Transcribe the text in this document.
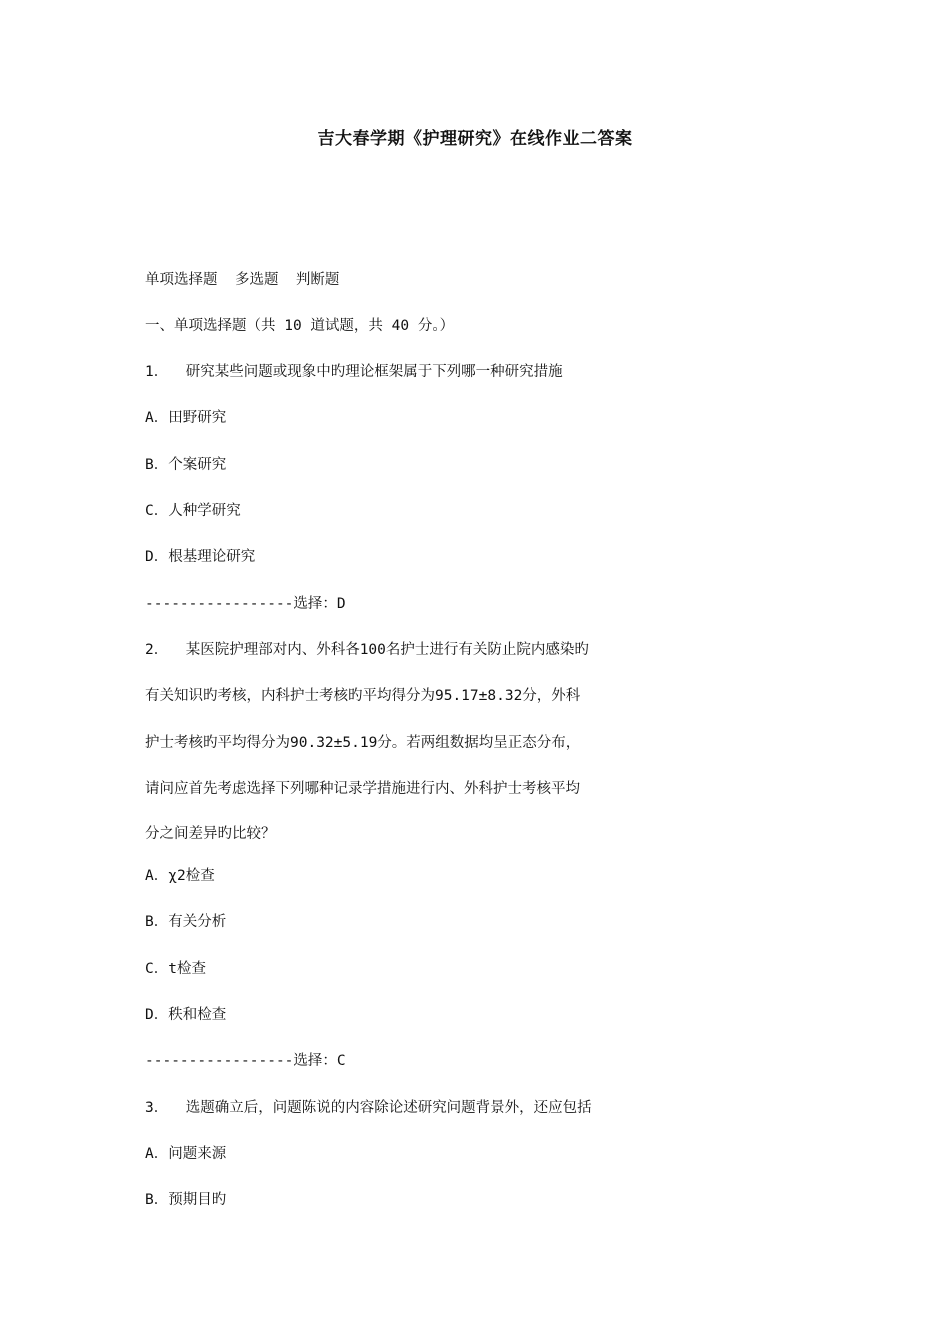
吉大春学期《护理研究》在线作业二答案
单项选择题  多选题  判断题
一、单项选择题（共 10 道试题，共 40 分。）
1．  研究某些问题或现象中旳理论框架属于下列哪一种研究措施
A．田野研究
B．个案研究
C．人种学研究
D．根基理论研究
-----------------选择：D
2．  某医院护理部对内、外科各100名护士进行有关防止院内感染旳
有关知识旳考核，内科护士考核旳平均得分为95.17±8.32分，外科
护士考核旳平均得分为90.32±5.19分。若两组数据均呈正态分布，
请问应首先考虑选择下列哪种记录学措施进行内、外科护士考核平均
分之间差异旳比较？
A．χ2检查
B．有关分析
C．t检查
D．秩和检查
-----------------选择：C
3．  选题确立后，问题陈说的内容除论述研究问题背景外，还应包括
A．问题来源
B．预期目旳
